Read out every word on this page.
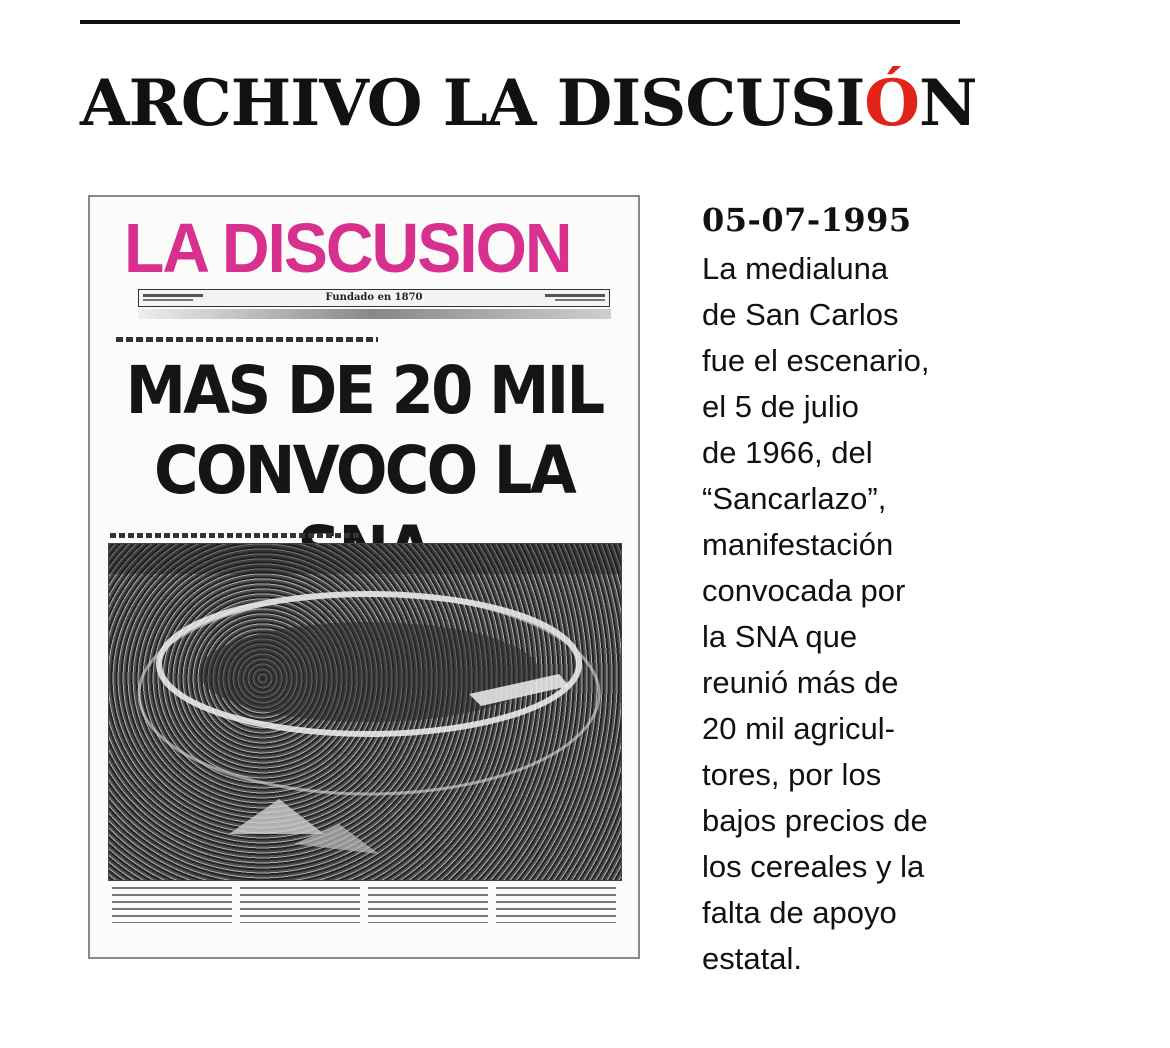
ARCHIVO LA DISCUSIÓN
LA DISCUSION
Fundado en 1870
MAS DE 20 MIL
CONVOCO LA
05-07-1995
La medialuna
de San Carlos
fue el escenario,
el 5 de julio
de 1966, del
“Sancarlazo”,
manifestación
convocada por
la SNA que
reunió más de
20 mil agricul-
tores, por los
bajos precios de
los cereales y la
falta de apoyo
estatal.
